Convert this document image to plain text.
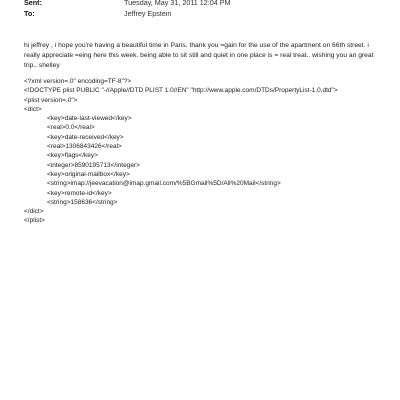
Sent:	Tuesday, May 31, 2011 12:04 PM
To:	Jeffrey Epstein

hi jeffrey , i hope you're having a beautiful time in Paris. thank you =gain for the use of the apartment on 66th street. i really appreciate =eing here this week. being able to sit still and quiet in one place is = real treat.. wishing you an great trip.. shelley

<?xml version=.0" encoding=TF-8"?>
<!DOCTYPE plist PUBLIC "-//Apple//DTD PLIST 1.0//EN" "http://www.apple.com/DTDs/PropertyList-1.0.dtd">
<plist version=.0">
<dict>
<key>date-last-viewed</key>
<real>0.0</real>
<key>date-received</key>
<real>1306843426</real>
<key>flags</key>
<integer>8590195713</integer>
<key>original-mailbox</key>
<string>imap://jeevacation@imap.gmail.com/%5BGmail%5D/All%20Mail</string>
<key>remote-id</key>
<string>158636</string>
</dict>
</plist>
